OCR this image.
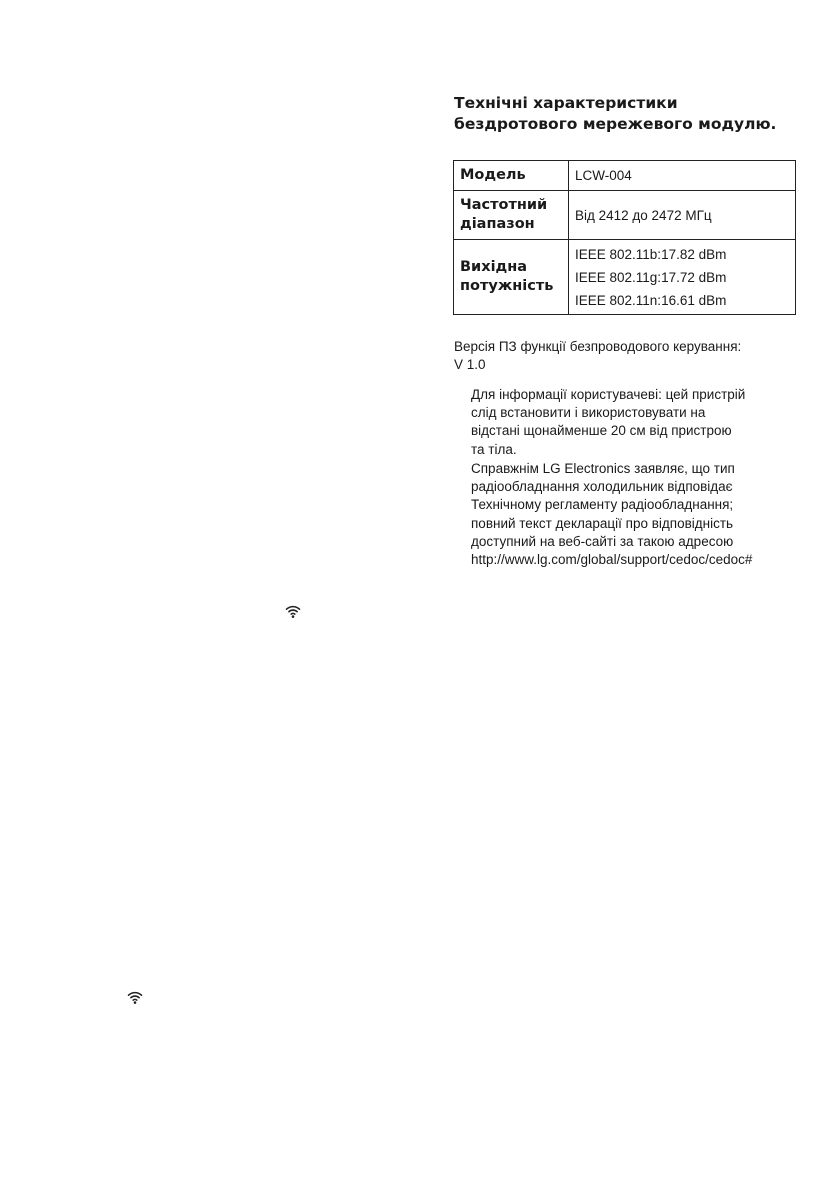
Технічні характеристики
бездротового мережевого модулю.
Модель	LCW-004

Частотний
діапазон	Від 2412 до 2472 МГц

Вихідна
потужність	IEEE 802.11b:17.82 dBm
IEEE 802.11g:17.72 dBm
IEEE 802.11n:16.61 dBm

Версія ПЗ функції безпроводового керування:
V 1.0

Для інформації користувачеві: цей пристрій
слід встановити і використовувати на
відстані щонайменше 20 см від пристрою
та тіла.

Справжнім LG Electronics заявляє, що тип
радіообладнання холодильник відповідає
Технічному регламенту радіообладнання;
повний текст декларації про відповідність
доступний на веб-сайті за такою адресою
http://www.lg.com/global/support/cedoc/cedoc#
